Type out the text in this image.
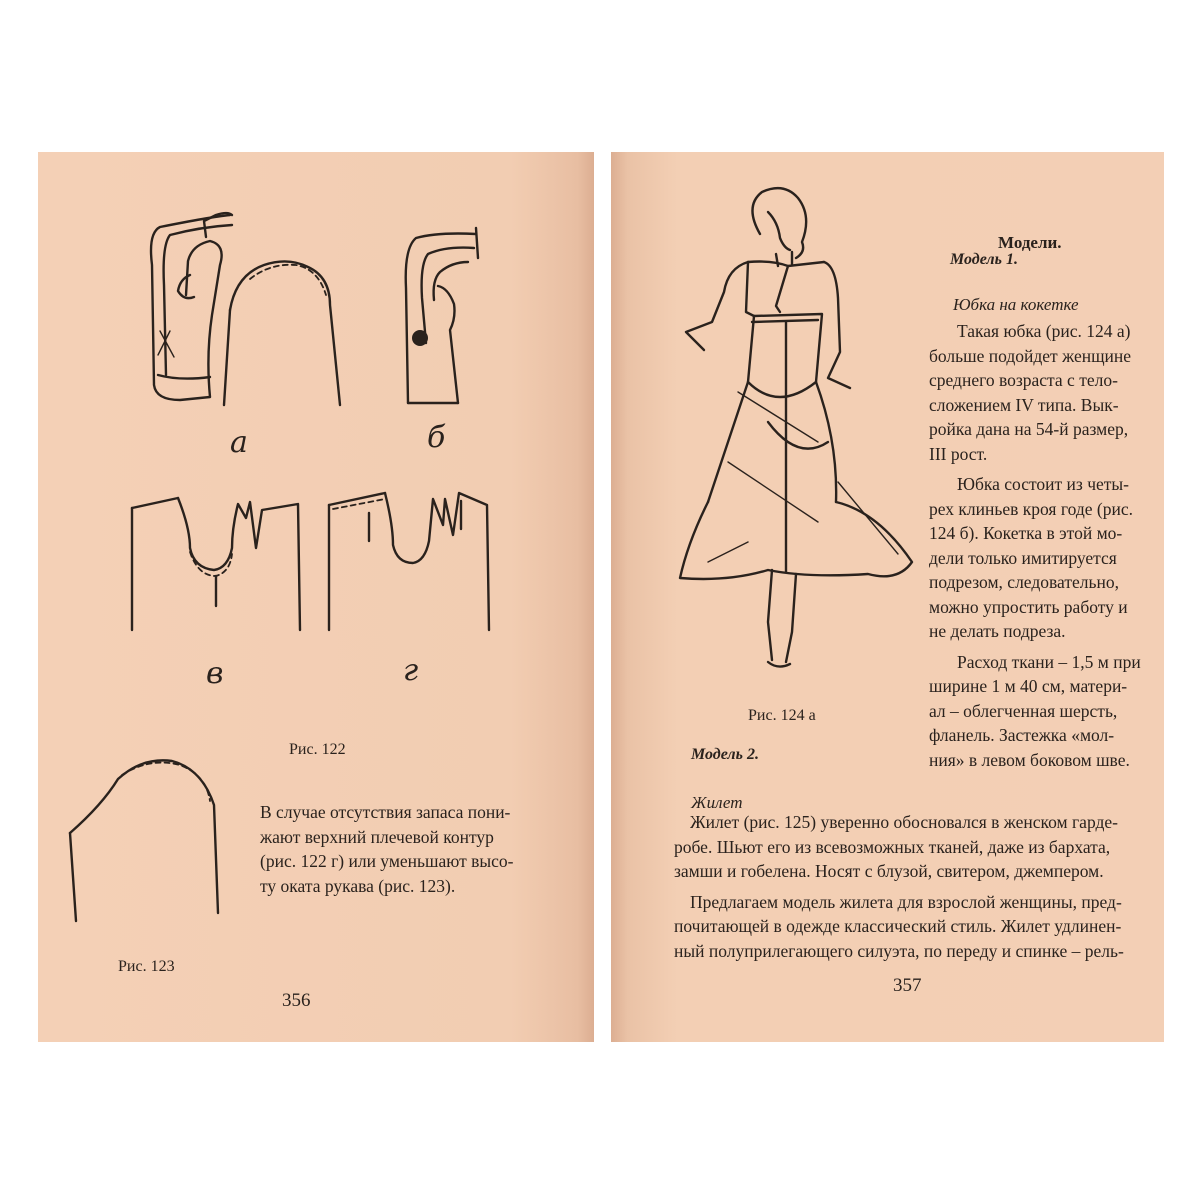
а	б
в	г
Рис. 122
Рис. 123

В случае отсутствия запаса пони-

жают верхний плечевой контур

(рис. 122 г) или уменьшают высо-

ту оката рукава (рис. 123).

356
Рис. 124 а
Модели.
Модель 1.
Юбка на кокетке

Такая юбка (рис. 124 а)

больше подойдет женщине

среднего возраста с тело-

сложением IV типа. Вык-

ройка дана на 54-й размер,

III рост.

Юбка состоит из четы-

рех клиньев кроя годе (рис.

124 б). Кокетка в этой мо-

дели только имитируется

подрезом, следовательно,

можно упростить работу и

не делать подреза.

Расход ткани – 1,5 м при

ширине 1 м 40 см, матери-

ал – облегченная шерсть,

фланель. Застежка «мол-

ния» в левом боковом шве.

Модель 2.
Жилет

Жилет (рис. 125) уверенно обосновался в женском гарде-

робе. Шьют его из всевозможных тканей, даже из бархата,

замши и гобелена. Носят с блузой, свитером, джемпером.

Предлагаем модель жилета для взрослой женщины, пред-

почитающей в одежде классический стиль. Жилет удлинен-

ный полуприлегающего силуэта, по переду и спинке – рель-

357
